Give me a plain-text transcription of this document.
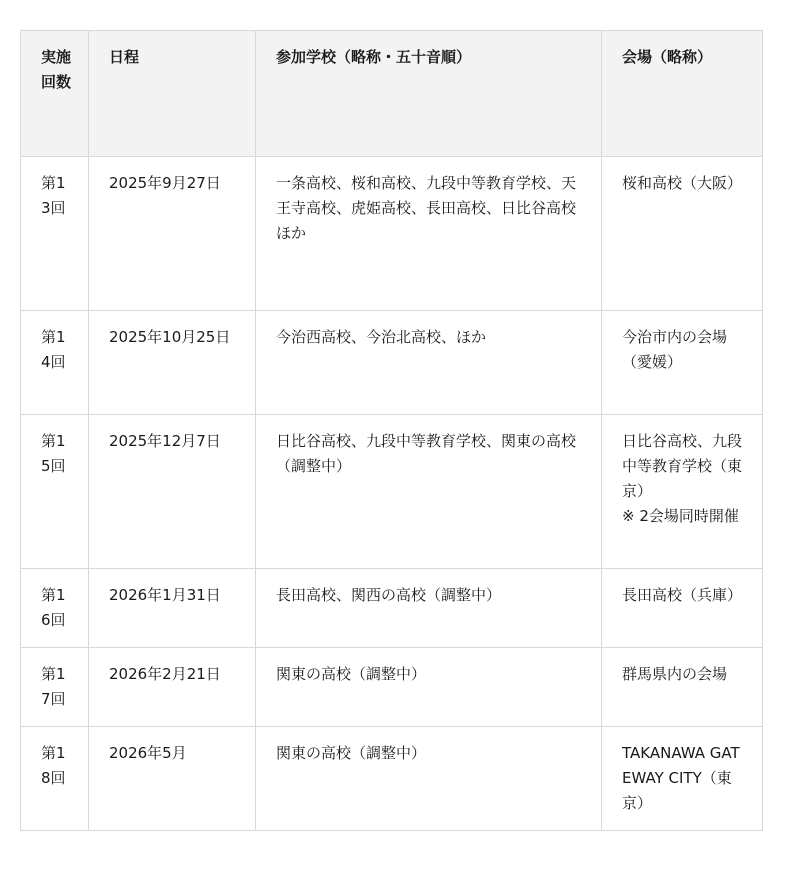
実施回数	日程	参加学校（略称・五十音順）	会場（略称）
第13回	2025年9月27日	一条高校、桜和高校、九段中等教育学校、天王寺高校、虎姫高校、長田高校、日比谷高校 ほか	桜和高校（大阪）

第14回	2025年10月25日	今治西高校、今治北高校、ほか	今治市内の会場（愛媛）

第15回	2025年12月7日	日比谷高校、九段中等教育学校、関東の高校（調整中）	日比谷高校、九段中等教育学校（東京）
※ 2会場同時開催

第16回	2026年1月31日	長田高校、関西の高校（調整中）	長田高校（兵庫）

第17回	2026年2月21日	関東の高校（調整中）	群馬県内の会場

第18回	2026年5月	関東の高校（調整中）	TAKANAWA GATEWAY CITY（東京）
